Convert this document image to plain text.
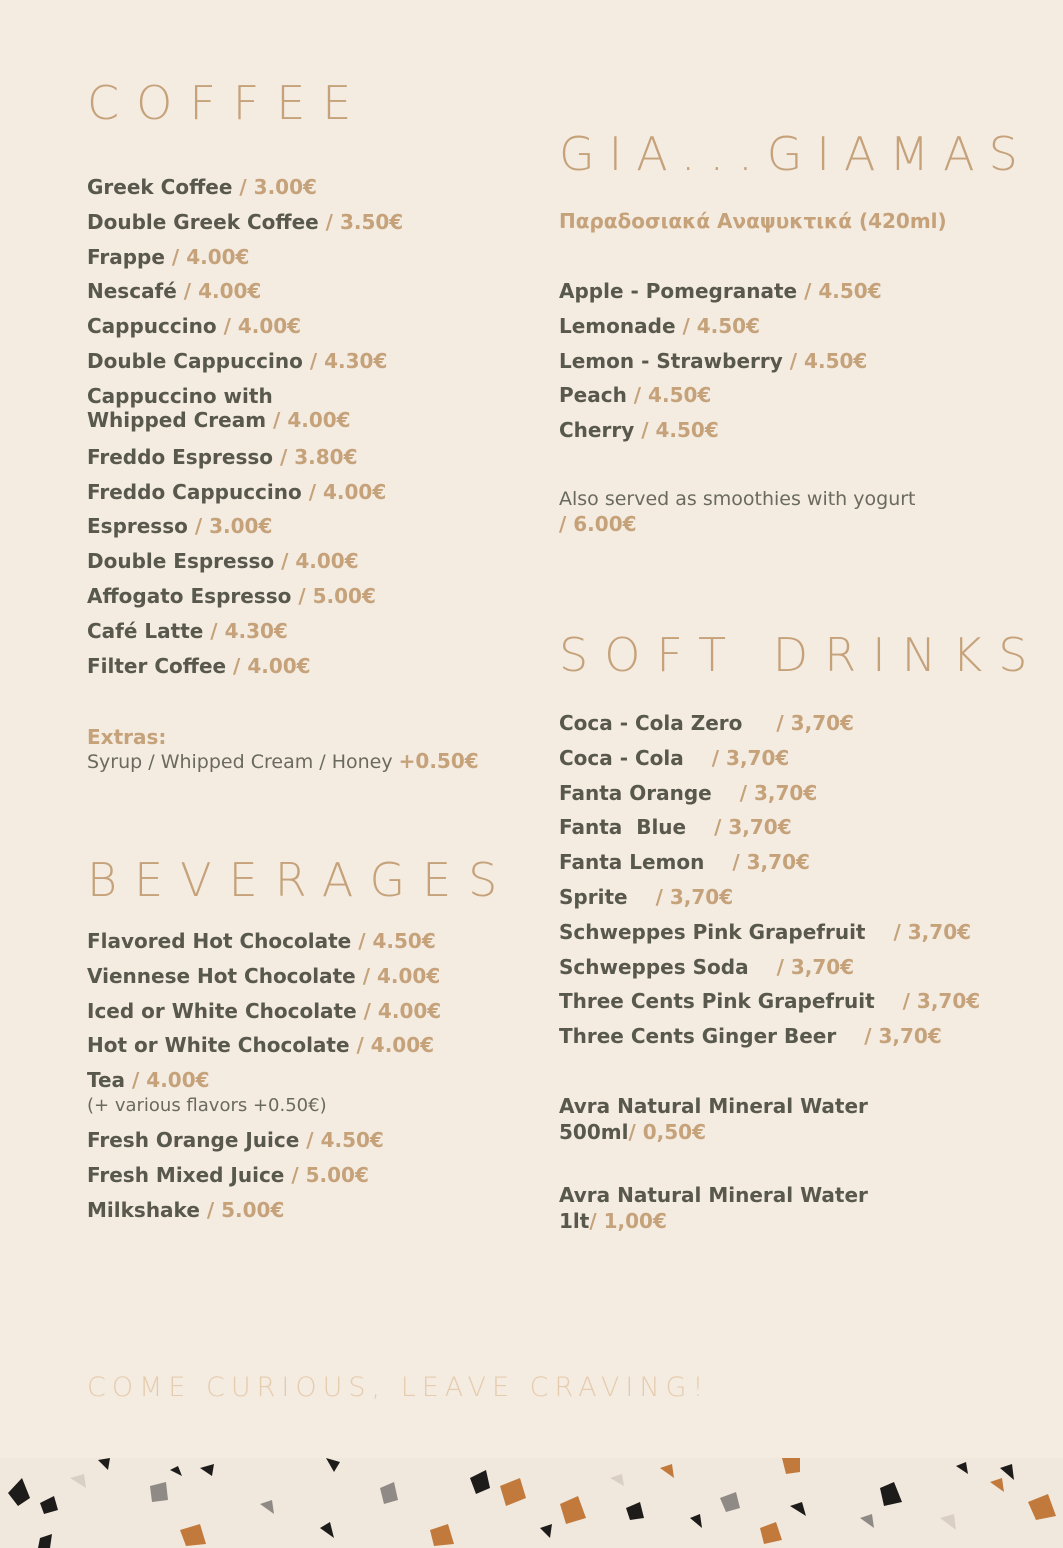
COFFEE
Greek Coffee / 3.00€
Double Greek Coffee / 3.50€
Frappe / 4.00€
Nescafé / 4.00€
Cappuccino / 4.00€
Double Cappuccino / 4.30€
Cappuccino with
Whipped Cream / 4.00€
Freddo Espresso / 3.80€
Freddo Cappuccino / 4.00€
Espresso / 3.00€
Double Espresso / 4.00€
Affogato Espresso / 5.00€
Café Latte / 4.30€
Filter Coffee / 4.00€
Extras:
Syrup / Whipped Cream / Honey +0.50€
BEVERAGES
Flavored Hot Chocolate / 4.50€
Viennese Hot Chocolate / 4.00€
Iced or White Chocolate / 4.00€
Hot or White Chocolate / 4.00€
Tea / 4.00€
(+ various flavors +0.50€)
Fresh Orange Juice / 4.50€
Fresh Mixed Juice / 5.00€
Milkshake / 5.00€
GIA...GIAMAS
Παραδοσιακά Αναψυκτικά (420ml)
Apple - Pomegranate / 4.50€
Lemonade / 4.50€
Lemon - Strawberry / 4.50€
Peach / 4.50€
Cherry / 4.50€
Also served as smoothies with yogurt
/ 6.00€
SOFT DRINKS
Coca - Cola Zero / 3,70€
Coca - Cola / 3,70€
Fanta Orange / 3,70€
Fanta  Blue / 3,70€
Fanta Lemon / 3,70€
Sprite / 3,70€
Schweppes Pink Grapefruit / 3,70€
Schweppes Soda / 3,70€
Three Cents Pink Grapefruit / 3,70€
Three Cents Ginger Beer / 3,70€
Avra Natural Mineral Water
500ml/ 0,50€
Avra Natural Mineral Water
1lt/ 1,00€

COME CURIOUS, LEAVE CRAVING!
